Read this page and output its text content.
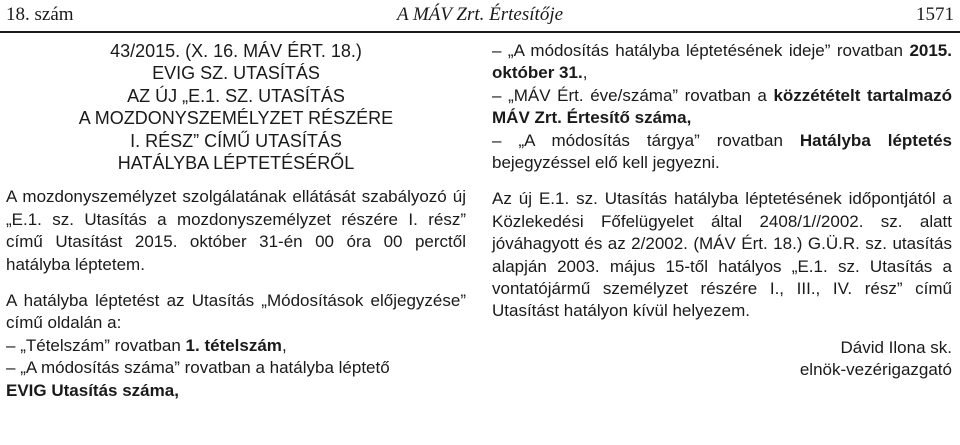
18. szám	A MÁV Zrt. Értesítője	1571
43/2015. (X. 16. MÁV ÉRT. 18.)
EVIG SZ. UTASÍTÁS
AZ ÚJ „E.1. SZ. UTASÍTÁS
A MOZDONYSZEMÉLYZET RÉSZÉRE
I. RÉSZ” CÍMŰ UTASÍTÁS
HATÁLYBA LÉPTETÉSÉRŐL

A mozdonyszemélyzet szolgálatának ellátását szabályozó új „E.1. sz. Utasítás a mozdonyszemélyzet részére I. rész” című Utasítást 2015. október 31-én 00 óra 00 perctől hatályba léptetem.

A hatályba léptetést az Utasítás „Módosítások előjegyzése” című oldalán a:

– „Tételszám” rovatban 1. tételszám,

– „A módosítás száma” rovatban a hatályba léptető
EVIG Utasítás száma,

– „A módosítás hatályba léptetésének ideje” rovatban 2015. október 31.,

– „MÁV Ért. éve/száma” rovatban a közzétételt tartalmazó MÁV Zrt. Értesítő száma,

– „A módosítás tárgya” rovatban Hatályba léptetés bejegyzéssel elő kell jegyezni.

Az új E.1. sz. Utasítás hatályba léptetésének időpontjától a Közlekedési Főfelügyelet által 2408/1//2002. sz. alatt jóváhagyott és az 2/2002. (MÁV Ért. 18.) G.Ü.R. sz. utasítás alapján 2003. május 15-től hatályos „E.1. sz. Utasítás a vontatójármű személyzet részére I., III., IV. rész” című Utasítást hatályon kívül helyezem.

Dávid Ilona sk.

elnök-vezérigazgató
